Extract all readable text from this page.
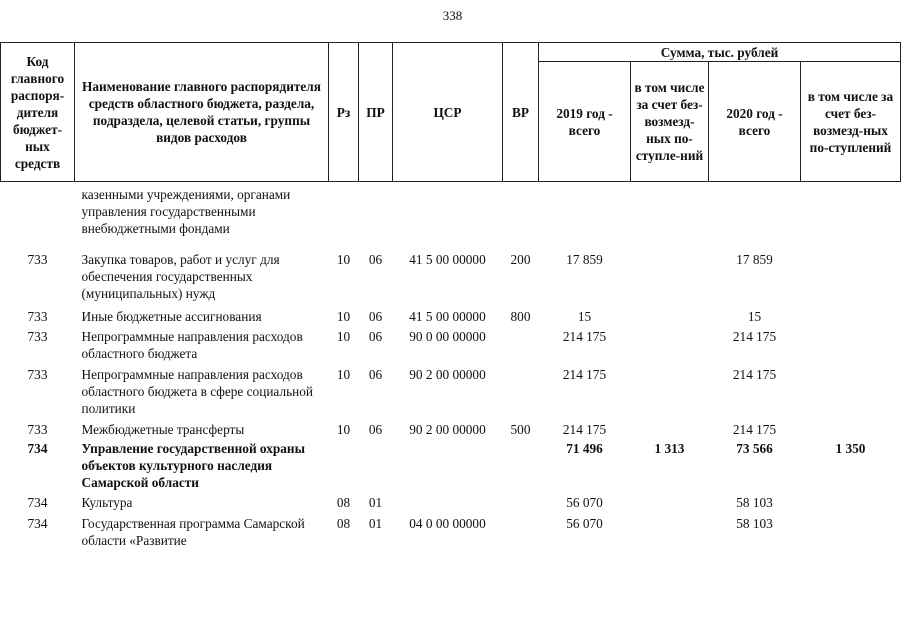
338
Код главного распоря-дителя бюджет-ных средств	Наименование главного распорядителя средств областного бюджета, раздела, подраздела, целевой статьи, группы видов расходов	Рз	ПР	ЦСР	ВР	Сумма, тыс. рублей			
						2019 год - всего	в том числе за счет без-возмезд-ных по-ступле-ний	2020 год - всего	в том числе за счет без-возмезд-ных по-ступлений
	казенными учреждениями, органами управления государственными внебюджетными фондами								
733	Закупка товаров, работ и услуг для обеспечения государственных (муниципальных) нужд	10	06	41 5 00 00000	200	17 859		17 859	
733	Иные бюджетные ассигнования	10	06	41 5 00 00000	800	15		15	
733	Непрограммные направления расходов областного бюджета	10	06	90 0 00 00000		214 175		214 175	
733	Непрограммные направления расходов областного бюджета в сфере социальной политики	10	06	90 2 00 00000		214 175		214 175	
733	Межбюджетные трансферты	10	06	90 2 00 00000	500	214 175		214 175	
734	Управление государственной охраны объектов культурного наследия Самарской области					71 496	1 313	73 566	1 350
734	Культура	08	01			56 070		58 103	
734	Государственная программа Самарской области «Развитие	08	01	04 0 00 00000		56 070		58 103	
